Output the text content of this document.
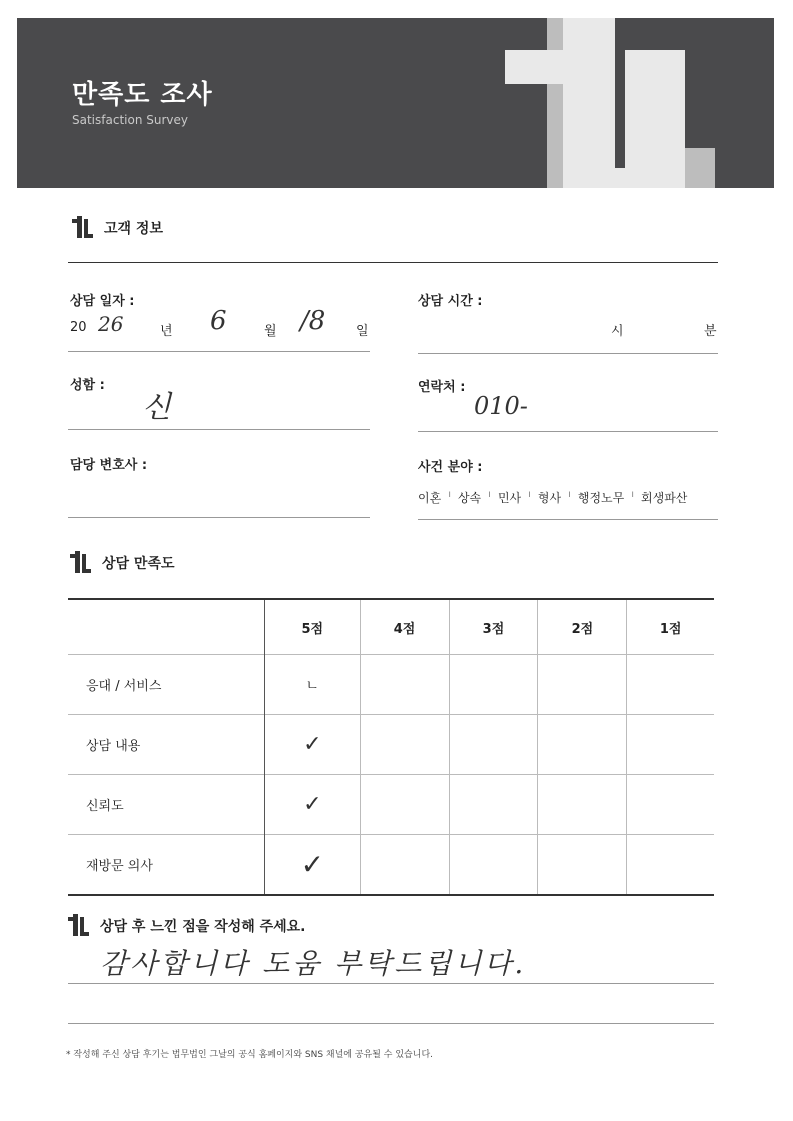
만족도 조사
Satisfaction Survey
고객 정보
상담 일자 :
20 26	년 6	월 /8 일
상담 시간 :
시	분
성함 :
신
연락처 :
010-
담당 변호사 :	사건 분야 :
이혼 ı 상속 ı 민사 ı 형사 ı 행정노무 ı 회생파산
상담 만족도
	5점	4점	3점	2점	1점
응대 / 서비스	ㄴ				
상담 내용	✓				
신뢰도	✓				
재방문 의사	✓				
상담 후 느낀 점을 작성해 주세요.
감사합니다 도움 부탁드립니다.
* 작성해 주신 상담 후기는 법무법인 그날의 공식 홈페이지와 SNS 채널에 공유될 수 있습니다.
